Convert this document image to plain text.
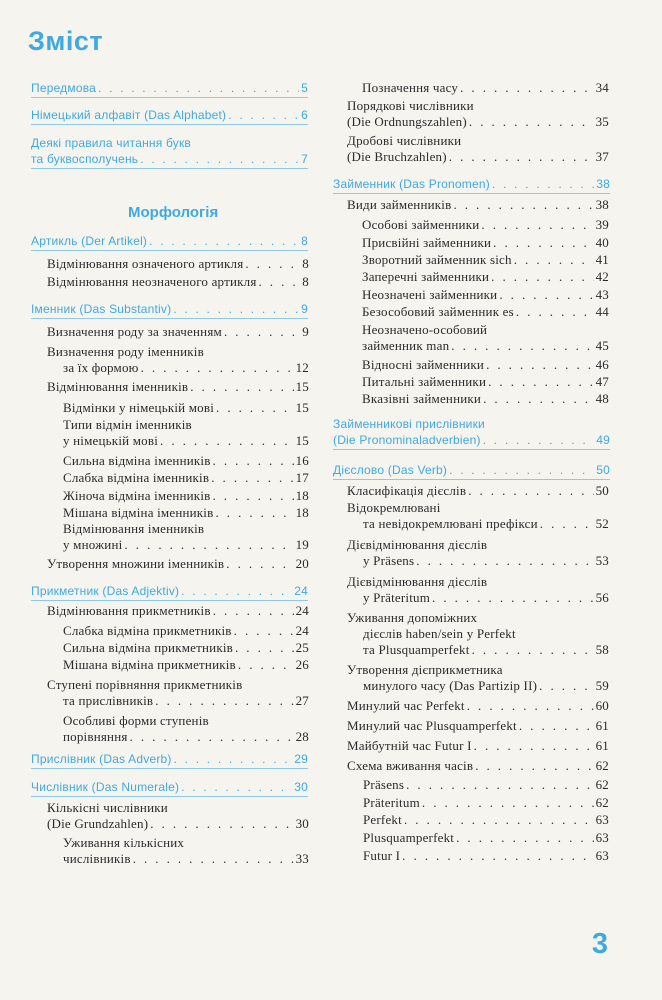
Зміст
Морфологія
3
Передмова . . .	5
Німецький алфавіт (Das Alphabet) . . .	6
Деякі правила читання букв
та буквосполучень . . .	7
Артикль (Der Artikel) . . .	8
Відмінювання означеного артикля . . .	8
Відмінювання неозначеного артикля . . .	8
Іменник (Das Substantiv) . . .	9
Визначення роду за значенням . . .	9
Визначення роду іменників
за їх формою . . .	12
Відмінювання іменників . . .	15
Відмінки у німецькій мові . . .	15
Типи відмін іменників
у німецькій мові . . .	15
Сильна відміна іменників . . .	16
Слабка відміна іменників . . .	17
Жіноча відміна іменників . . .	18
Мішана відміна іменників . . .	18
Відмінювання іменників
у множині . . .	19
Утворення множини іменників . . .	20
Прикметник (Das Adjektiv) . . .	24
Відмінювання прикметників . . .	24
Слабка відміна прикметників . . .	24
Сильна відміна прикметників . . .	25
Мішана відміна прикметників . . .	26
Ступені порівняння прикметників
та прислівників . . .	27
Особливі форми ступенів
порівняння . . .	28
Прислівник (Das Adverb) . . .	29
Числівник (Das Numerale) . . .	30
Кількісні числівники
(Die Grundzahlen) . . .	30
Уживання кількісних
числівників . . .	33
Позначення часу . . .	34
Порядкові числівники
(Die Ordnungszahlen) . . .	35
Дробові числівники
(Die Bruchzahlen) . . .	37
Займенник (Das Pronomen) . . .	38
Види займенників . . .	38
Особові займенники . . .	39
Присвійні займенники . . .	40
Зворотний займенник sich . . .	41
Заперечні займенники . . .	42
Неозначені займенники . . .	43
Безособовий займенник es . . .	44
Неозначено-особовий
займенник man . . .	45
Відносні займенники . . .	46
Питальні займенники . . .	47
Вказівні займенники . . .	48
Займенникові прислівники
(Die Pronominaladverbien) . . .	49
Дієслово (Das Verb) . . .	50
Класифікація дієслів . . .	50
Відокремлювані
та невідокремлювані префікси . . .	52
Дієвідмінювання дієслів
у Präsens . . .	53
Дієвідмінювання дієслів
у Präteritum . . .	56
Уживання допоміжних
дієслів haben/sein у Perfekt
та Plusquamperfekt . . .	58
Утворення дієприкметника
минулого часу (Das Partizip II) . . .	59
Минулий час Perfekt . . .	60
Минулий час Plusquamperfekt . . .	61
Майбутній час Futur I . . .	61
Схема вживання часів . . .	62
Präsens . . .	62
Präteritum . . .	62
Perfekt . . .	63
Plusquamperfekt . . .	63
Futur I . . .	63
